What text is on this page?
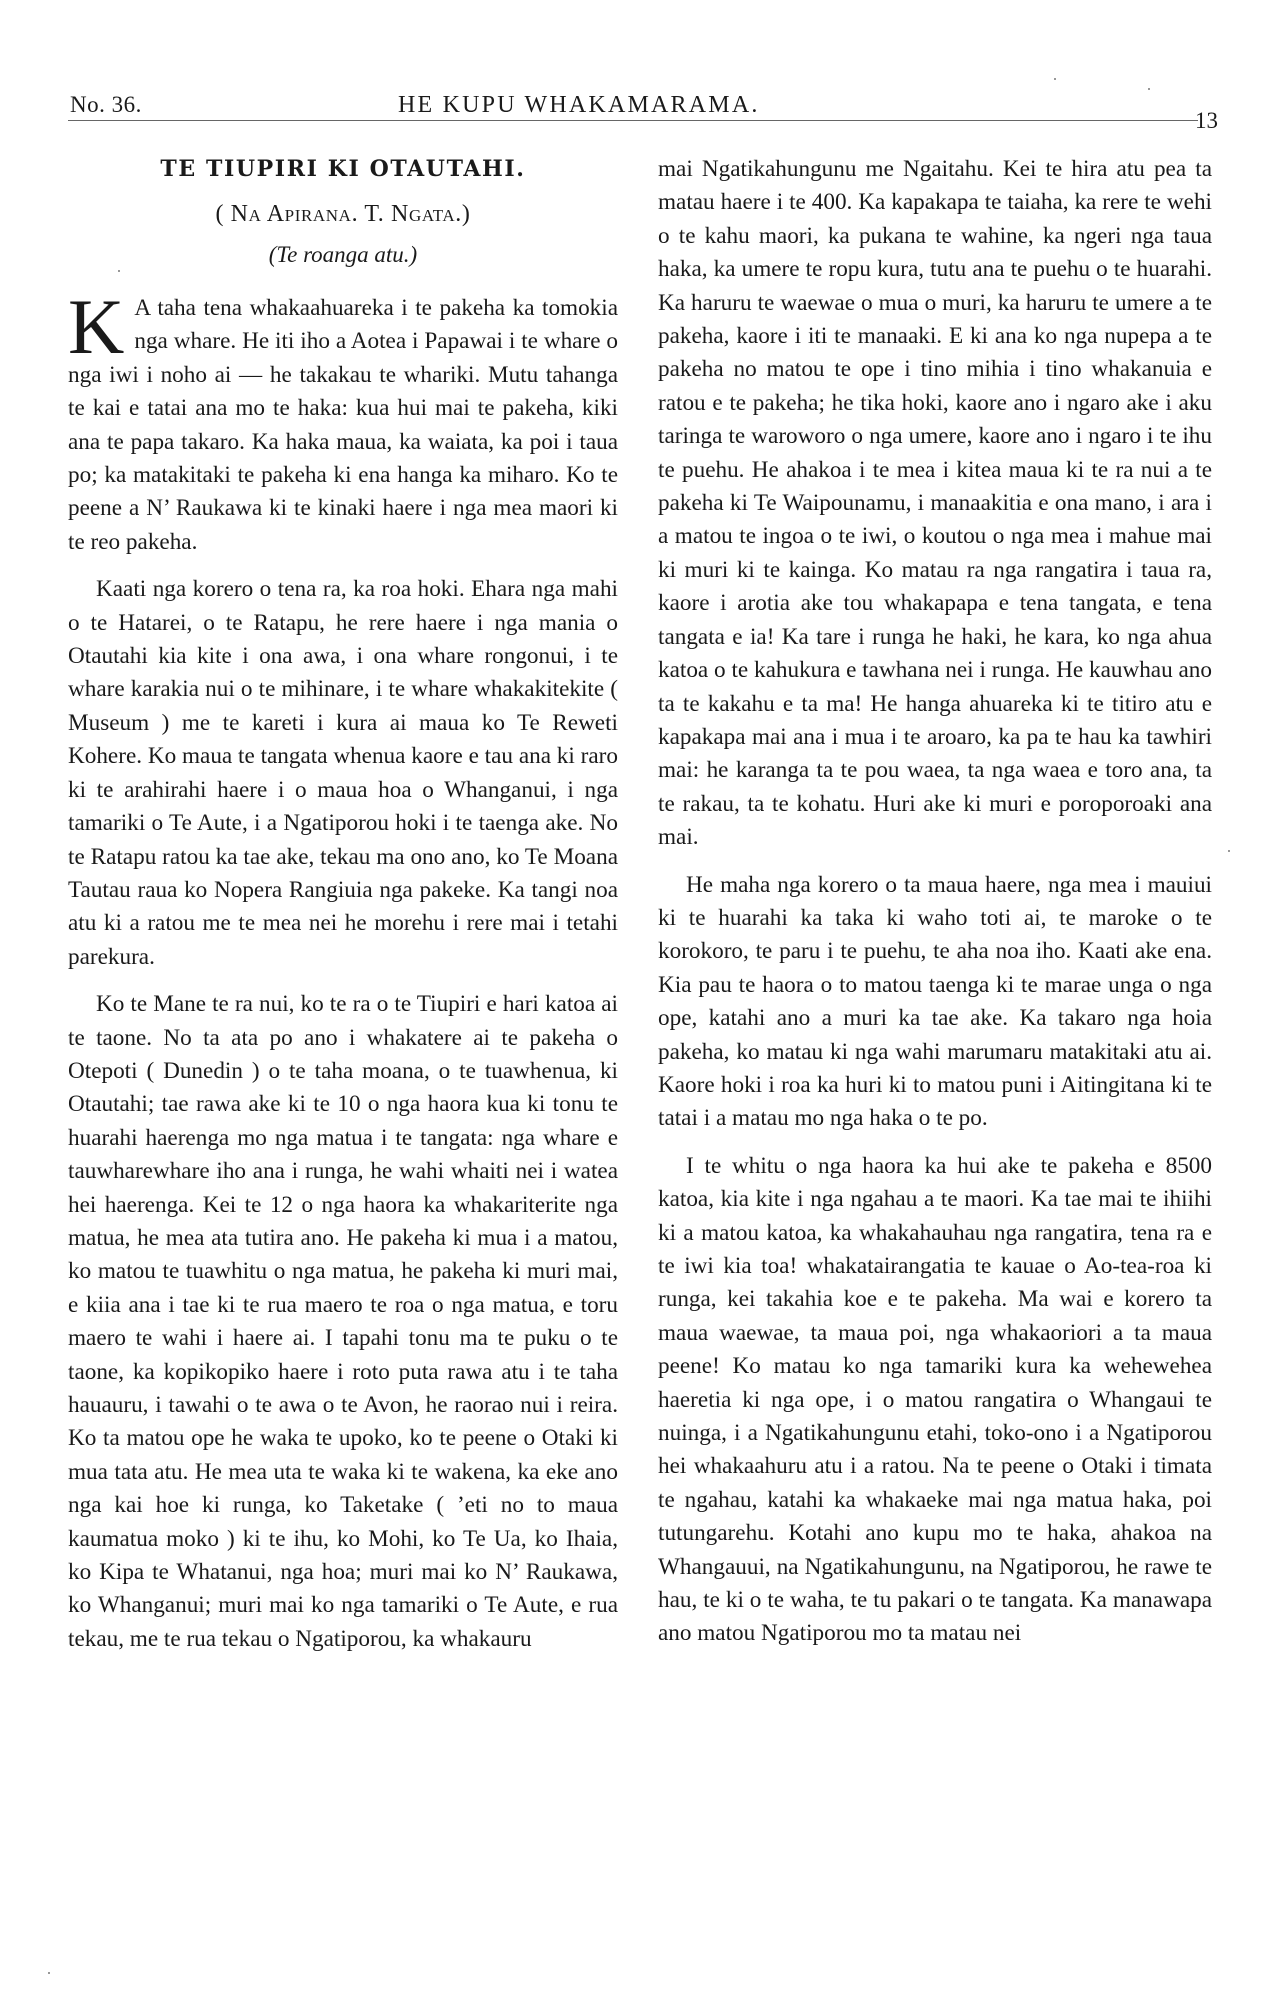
No. 36.	HE KUPU WHAKAMARAMA.
13
TE TIUPIRI KI OTAUTAHI.
( Na Apirana. T. Ngata.)
(Te roanga atu.)

K A taha tena whakaahuareka i te pakeha ka tomokia nga whare. He iti iho a Aotea i Papawai i te whare o nga iwi i noho ai — he takakau te whariki. Mutu tahanga te kai e tatai ana mo te haka: kua hui mai te pakeha, kiki ana te papa takaro. Ka haka maua, ka waiata, ka poi i taua po; ka matakitaki te pakeha ki ena hanga ka miharo. Ko te peene a N’ Raukawa ki te kinaki haere i nga mea maori ki te reo pakeha.

Kaati nga korero o tena ra, ka roa hoki. Ehara nga mahi o te Hatarei, o te Ratapu, he rere haere i nga mania o Otautahi kia kite i ona awa, i ona whare rongonui, i te whare karakia nui o te mihinare, i te whare whakakitekite ( Museum ) me te kareti i kura ai maua ko Te Reweti Kohere. Ko maua te tangata whenua kaore e tau ana ki raro ki te arahirahi haere i o maua hoa o Whanganui, i nga tamariki o Te Aute, i a Ngatiporou hoki i te taenga ake. No te Ratapu ratou ka tae ake, tekau ma ono ano, ko Te Moana Tautau raua ko Nopera Rangiuia nga pakeke. Ka tangi noa atu ki a ratou me te mea nei he morehu i rere mai i tetahi parekura.

Ko te Mane te ra nui, ko te ra o te Tiupiri e hari katoa ai te taone. No ta ata po ano i whakatere ai te pakeha o Otepoti ( Dunedin ) o te taha moana, o te tuawhenua, ki Otautahi; tae rawa ake ki te 10 o nga haora kua ki tonu te huarahi haerenga mo nga matua i te tangata: nga whare e tauwharewhare iho ana i runga, he wahi whaiti nei i watea hei haerenga. Kei te 12 o nga haora ka whakariterite nga matua, he mea ata tutira ano. He pakeha ki mua i a matou, ko matou te tuawhitu o nga matua, he pakeha ki muri mai, e kiia ana i tae ki te rua maero te roa o nga matua, e toru maero te wahi i haere ai. I tapahi tonu ma te puku o te taone, ka kopikopiko haere i roto puta rawa atu i te taha hauauru, i tawahi o te awa o te Avon, he raorao nui i reira. Ko ta matou ope he waka te upoko, ko te peene o Otaki ki mua tata atu. He mea uta te waka ki te wakena, ka eke ano nga kai hoe ki runga, ko Taketake ( ’eti no to maua kaumatua moko ) ki te ihu, ko Mohi, ko Te Ua, ko Ihaia, ko Kipa te Whatanui, nga hoa; muri mai ko N’ Raukawa, ko Whanganui; muri mai ko nga tamariki o Te Aute, e rua tekau, me te rua tekau o Ngatiporou, ka whakauru

mai Ngatikahungunu me Ngaitahu. Kei te hira atu pea ta matau haere i te 400. Ka kapakapa te taiaha, ka rere te wehi o te kahu maori, ka pukana te wahine, ka ngeri nga taua haka, ka umere te ropu kura, tutu ana te puehu o te huarahi. Ka haruru te waewae o mua o muri, ka haruru te umere a te pakeha, kaore i iti te manaaki. E ki ana ko nga nupepa a te pakeha no matou te ope i tino mihia i tino whakanuia e ratou e te pakeha; he tika hoki, kaore ano i ngaro ake i aku taringa te waroworo o nga umere, kaore ano i ngaro i te ihu te puehu. He ahakoa i te mea i kitea maua ki te ra nui a te pakeha ki Te Waipounamu, i manaakitia e ona mano, i ara i a matou te ingoa o te iwi, o koutou o nga mea i mahue mai ki muri ki te kainga. Ko matau ra nga rangatira i taua ra, kaore i arotia ake tou whakapapa e tena tangata, e tena tangata e ia! Ka tare i runga he haki, he kara, ko nga ahua katoa o te kahukura e tawhana nei i runga. He kauwhau ano ta te kakahu e ta ma! He hanga ahuareka ki te titiro atu e kapakapa mai ana i mua i te aroaro, ka pa te hau ka tawhiri mai: he karanga ta te pou waea, ta nga waea e toro ana, ta te rakau, ta te kohatu. Huri ake ki muri e poroporoaki ana mai.

He maha nga korero o ta maua haere, nga mea i mauiui ki te huarahi ka taka ki waho toti ai, te maroke o te korokoro, te paru i te puehu, te aha noa iho. Kaati ake ena. Kia pau te haora o to matou taenga ki te marae unga o nga ope, katahi ano a muri ka tae ake. Ka takaro nga hoia pakeha, ko matau ki nga wahi marumaru matakitaki atu ai. Kaore hoki i roa ka huri ki to matou puni i Aitingitana ki te tatai i a matau mo nga haka o te po.

I te whitu o nga haora ka hui ake te pakeha e 8500 katoa, kia kite i nga ngahau a te maori. Ka tae mai te ihiihi ki a matou katoa, ka whakahauhau nga rangatira, tena ra e te iwi kia toa! whakatairangatia te kauae o Ao-tea-roa ki runga, kei takahia koe e te pakeha. Ma wai e korero ta maua waewae, ta maua poi, nga whakaoriori a ta maua peene! Ko matau ko nga tamariki kura ka wehewehea haeretia ki nga ope, i o matou rangatira o Whangaui te nuinga, i a Ngatikahungunu etahi, toko-ono i a Ngatiporou hei whakaahuru atu i a ratou. Na te peene o Otaki i timata te ngahau, katahi ka whakaeke mai nga matua haka, poi tutungarehu. Kotahi ano kupu mo te haka, ahakoa na Whangauui, na Ngatikahungunu, na Ngatiporou, he rawe te hau, te ki o te waha, te tu pakari o te tangata. Ka manawapa ano matou Ngatiporou mo ta matau nei
